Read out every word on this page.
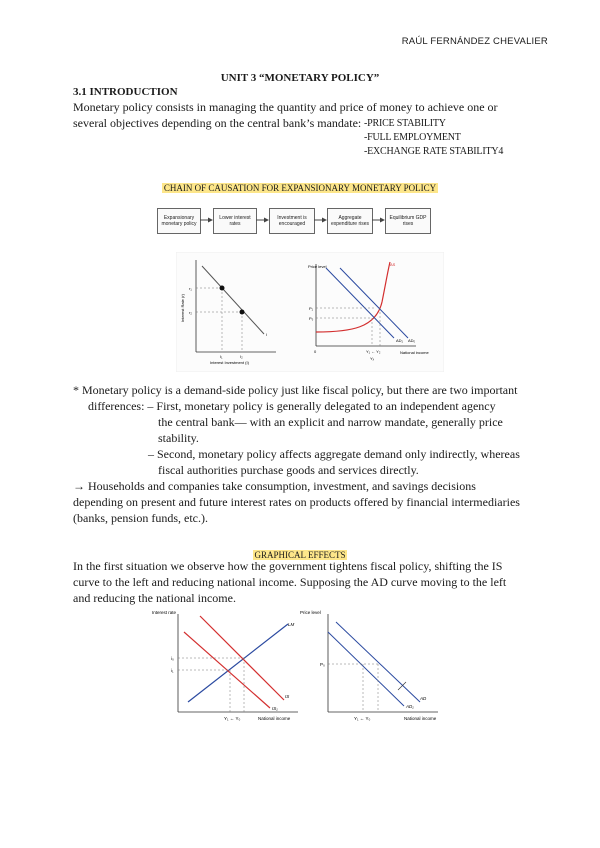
RAÚL FERNÁNDEZ CHEVALIER
UNIT 3 “MONETARY POLICY”
3.1 INTRODUCTION
Monetary policy consists in managing the quantity and price of money to achieve one or
several objectives depending on the central bank’s mandate: -PRICE STABILITY
-FULL EMPLOYMENT
-EXCHANGE RATE STABILITY4
CHAIN OF CAUSATION FOR EXPANSIONARY MONETARY POLICY
Expansionary monetary policy
Lower interest rates
Investment is encouraged
Aggregate expenditure rises
Equilibrium GDP rises
Interest Rate (r)
Interest Investment (I)
r₁
r₂
I₁	I₂
I
Price level
National income
AS
AD₀
AD₁
P₁
P₀
Y₁ ← Y₂
0
Yₓ
* Monetary policy is a demand-side policy just like fiscal policy, but there are two important
differences: – First, monetary policy is generally delegated to an independent agency
the central bank— with an explicit and narrow mandate, generally price
stability.
– Second, monetary policy affects aggregate demand only indirectly, whereas
fiscal authorities purchase goods and services directly.
→ Households and companies take consumption, investment, and savings decisions
depending on present and future interest rates on products offered by financial intermediaries
(banks, pension funds, etc.).
GRAPHICAL EFFECTS
In the first situation we observe how the government tightens fiscal policy, shifting the IS
curve to the left and reducing national income. Supposing the AD curve moving to the left
and reducing the national income.
Interest rate
National income
LM
IS
IS₁
i₀
i₁
Y₁ ← Y₀
Price level
National income
AD
AD₁
P₀
Y₁ ← Y₀
